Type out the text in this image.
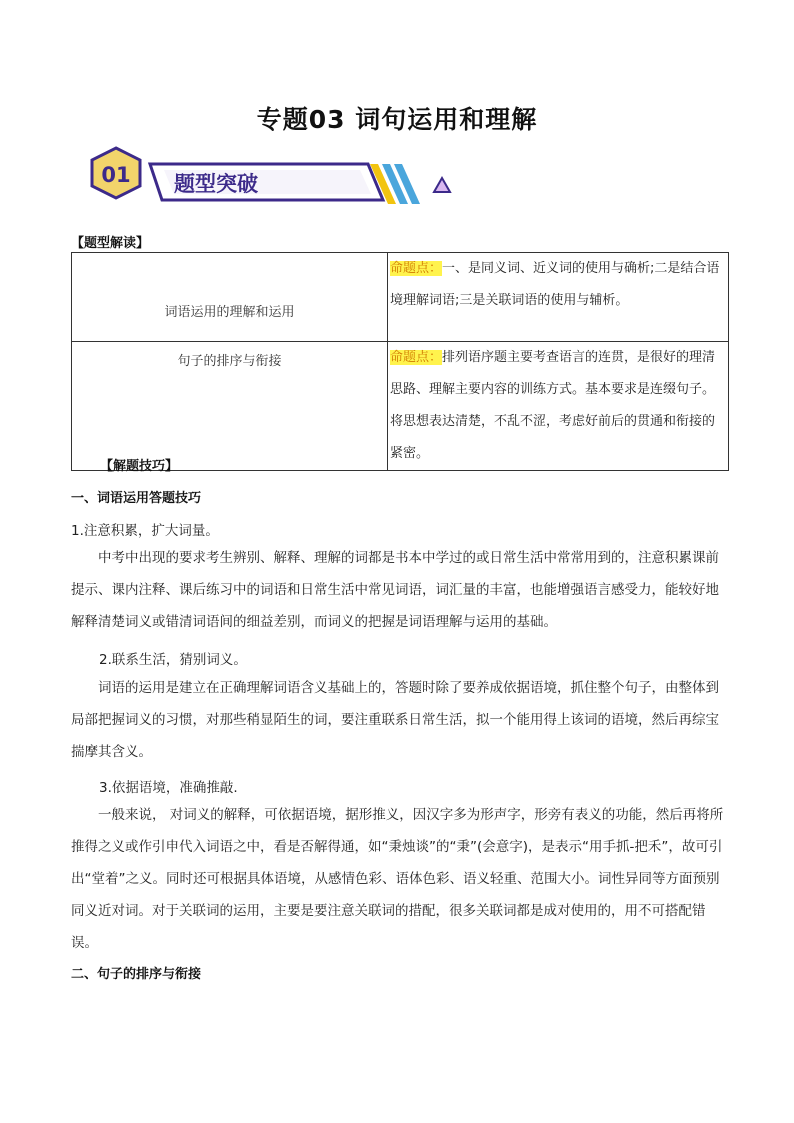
专题03 词句运用和理解
01 题型突破
【题型解读】
词语运用的理解和运用	命题点：一、是同义词、近义词的使用与确析;二是结合语境理解词语;三是关联词语的使用与辅析。

句子的排序与衔接	命题点：排列语序题主要考查语言的连贯，是很好的理清思路、理解主要内容的训练方式。基本要求是连缀句子。将思想表达清楚，不乱不涩，考虑好前后的贯通和衔接的紧密。
【解题技巧】
一、词语运用答题技巧
1.注意积累，扩大词量。

中考中出现的要求考生辨别、解释、理解的词都是书本中学过的或日常生活中常常用到的，注意积累课前提示、课内注释、课后练习中的词语和日常生活中常见词语，词汇量的丰富，也能增强语言感受力，能较好地解释清楚词义或错清词语间的细益差别，而词义的把握是词语理解与运用的基础。

2.联系生活，猜别词义。

词语的运用是建立在正确理解词语含义基础上的，答题时除了要养成依据语境，抓住整个句子，由整体到局部把握词义的习惯，对那些稍显陌生的词，要注重联系日常生活，拟一个能用得上该词的语境，然后再综宝揣摩其含义。

3.依据语境，准确推敲.

一般来说， 对词义的解释，可依据语境，据形推义，因汉字多为形声字，形旁有表义的功能，然后再将所推得之义或作引申代入词语之中，看是否解得通，如“秉烛谈”的“秉”(会意字)，是表示“用手抓-把禾”，故可引出“堂着”之义。同时还可根据具体语境，从感情色彩、语体色彩、语义轻重、范围大小。词性异同等方面预别同义近对词。对于关联词的运用，主要是要注意关联词的措配，很多关联词都是成对使用的，用不可搭配错误。

二、句子的排序与衔接
